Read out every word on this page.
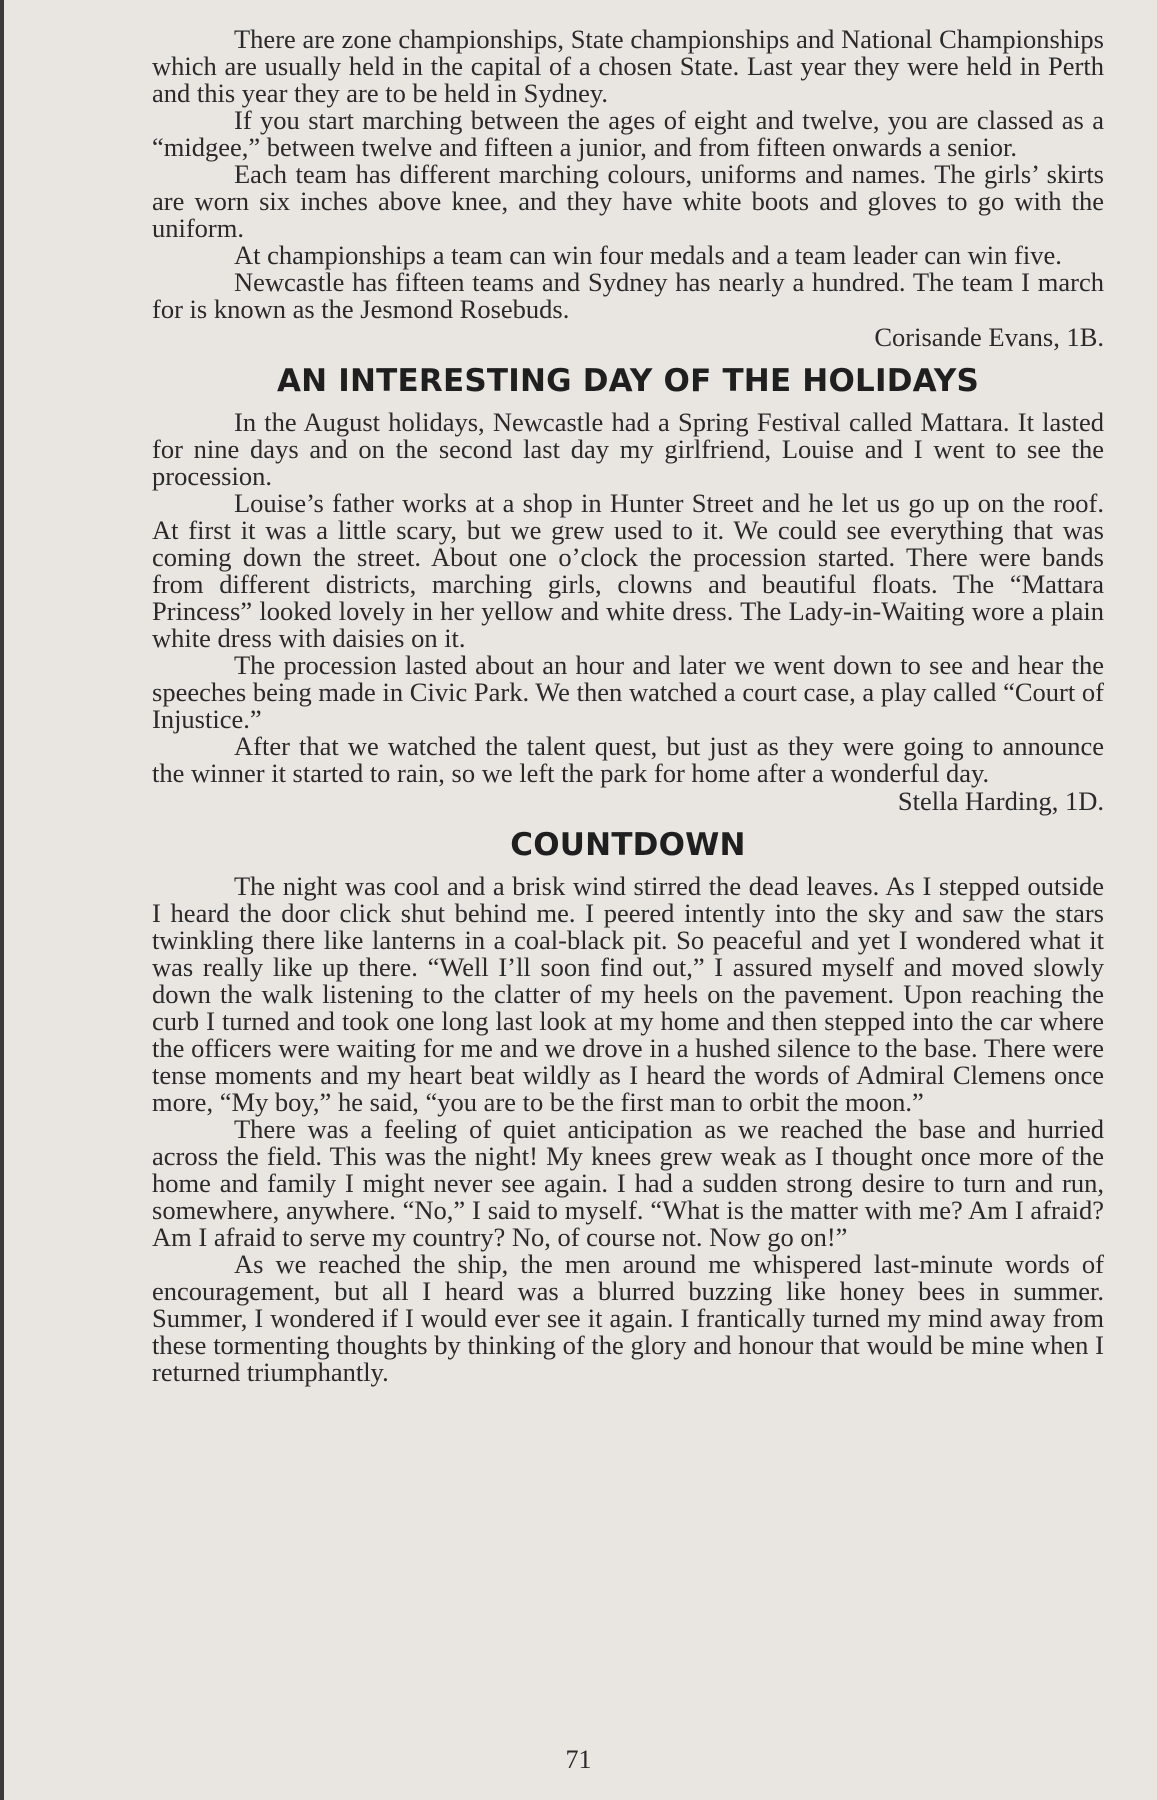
There are zone championships, State championships and National Championships which are usually held in the capital of a chosen State. Last year they were held in Perth and this year they are to be held in Sydney.

If you start marching between the ages of eight and twelve, you are classed as a “midgee,” between twelve and fifteen a junior, and from fifteen onwards a senior.

Each team has different marching colours, uniforms and names. The girls’ skirts are worn six inches above knee, and they have white boots and gloves to go with the uniform.

At championships a team can win four medals and a team leader can win five.

Newcastle has fifteen teams and Sydney has nearly a hundred. The team I march for is known as the Jesmond Rosebuds.

Corisande Evans, 1B.

AN INTERESTING DAY OF THE HOLIDAYS

In the August holidays, Newcastle had a Spring Festival called Mattara. It lasted for nine days and on the second last day my girlfriend, Louise and I went to see the procession.

Louise’s father works at a shop in Hunter Street and he let us go up on the roof. At first it was a little scary, but we grew used to it. We could see everything that was coming down the street. About one o’clock the procession started. There were bands from different districts, marching girls, clowns and beautiful floats. The “Mattara Princess” looked lovely in her yellow and white dress. The Lady-in-Waiting wore a plain white dress with daisies on it.

The procession lasted about an hour and later we went down to see and hear the speeches being made in Civic Park. We then watched a court case, a play called “Court of Injustice.”

After that we watched the talent quest, but just as they were going to announce the winner it started to rain, so we left the park for home after a wonderful day.

Stella Harding, 1D.

COUNTDOWN

The night was cool and a brisk wind stirred the dead leaves. As I stepped outside I heard the door click shut behind me. I peered intently into the sky and saw the stars twinkling there like lanterns in a coal-black pit. So peaceful and yet I wondered what it was really like up there. “Well I’ll soon find out,” I assured myself and moved slowly down the walk listening to the clatter of my heels on the pavement. Upon reaching the curb I turned and took one long last look at my home and then stepped into the car where the officers were waiting for me and we drove in a hushed silence to the base. There were tense moments and my heart beat wildly as I heard the words of Admiral Clemens once more, “My boy,” he said, “you are to be the first man to orbit the moon.”

There was a feeling of quiet anticipation as we reached the base and hurried across the field. This was the night! My knees grew weak as I thought once more of the home and family I might never see again. I had a sudden strong desire to turn and run, somewhere, anywhere. “No,” I said to myself. “What is the matter with me? Am I afraid? Am I afraid to serve my country? No, of course not. Now go on!”

As we reached the ship, the men around me whispered last-minute words of encouragement, but all I heard was a blurred buzzing like honey bees in summer. Summer, I wondered if I would ever see it again. I frantically turned my mind away from these tormenting thoughts by thinking of the glory and honour that would be mine when I returned triumphantly.

71
